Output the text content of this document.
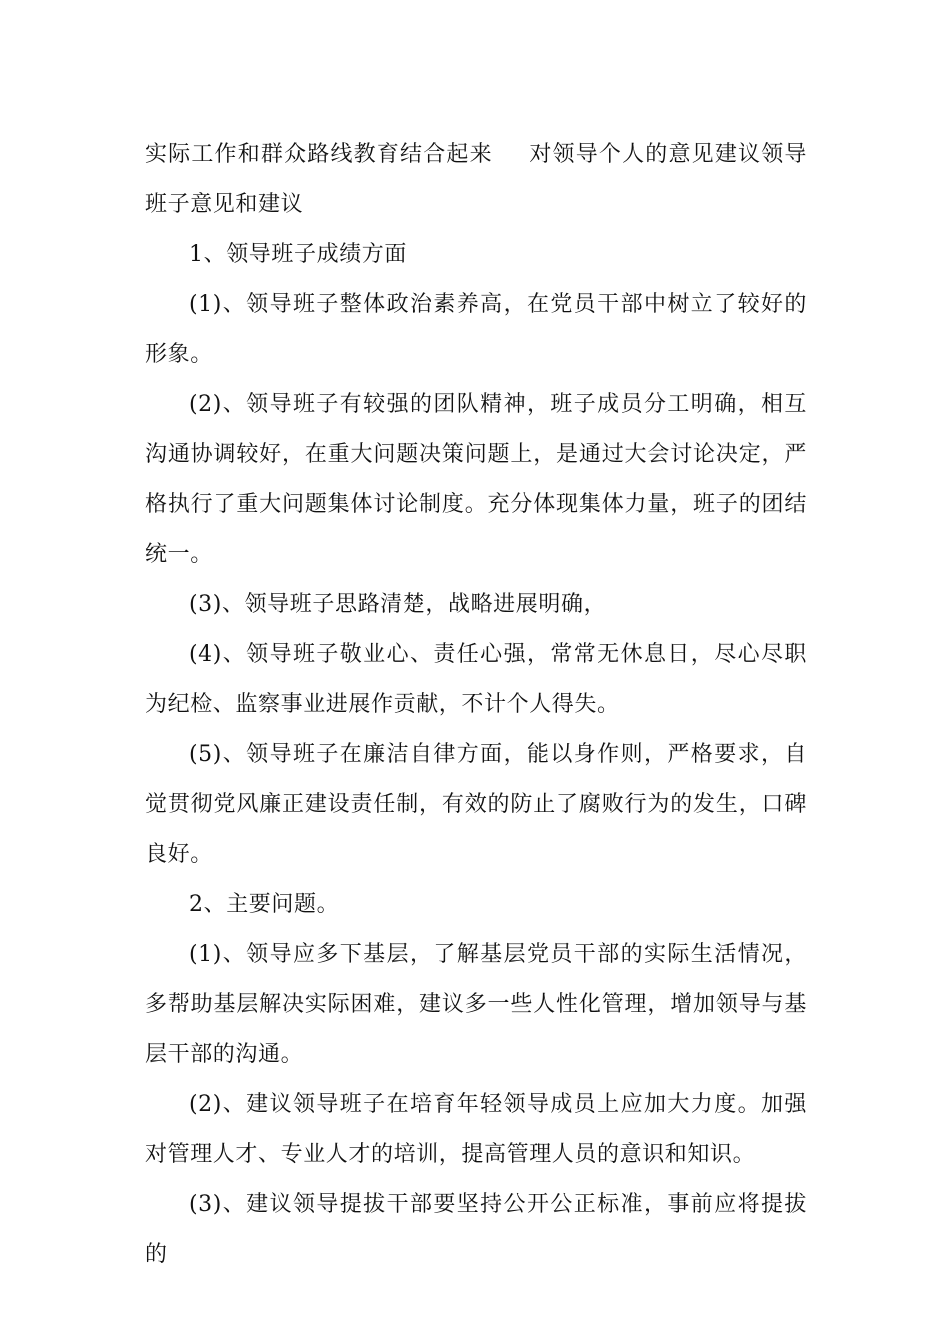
实际工作和群众路线教育结合起来 对领导个人的意见建议领导班子意见和建议

1、领导班子成绩方面

(1)、领导班子整体政治素养高，在党员干部中树立了较好的形象。

(2)、领导班子有较强的团队精神，班子成员分工明确，相互沟通协调较好，在重大问题决策问题上，是通过大会讨论决定，严格执行了重大问题集体讨论制度。充分体现集体力量，班子的团结统一。

(3)、领导班子思路清楚，战略进展明确，

(4)、领导班子敬业心、责任心强，常常无休息日，尽心尽职为纪检、监察事业进展作贡献，不计个人得失。

(5)、领导班子在廉洁自律方面，能以身作则，严格要求，自觉贯彻党风廉正建设责任制，有效的防止了腐败行为的发生，口碑良好。

2、主要问题。

(1)、领导应多下基层，了解基层党员干部的实际生活情况，多帮助基层解决实际困难，建议多一些人性化管理，增加领导与基层干部的沟通。

(2)、建议领导班子在培育年轻领导成员上应加大力度。加强对管理人才、专业人才的培训，提高管理人员的意识和知识。

(3)、建议领导提拔干部要坚持公开公正标准，事前应将提拔的
